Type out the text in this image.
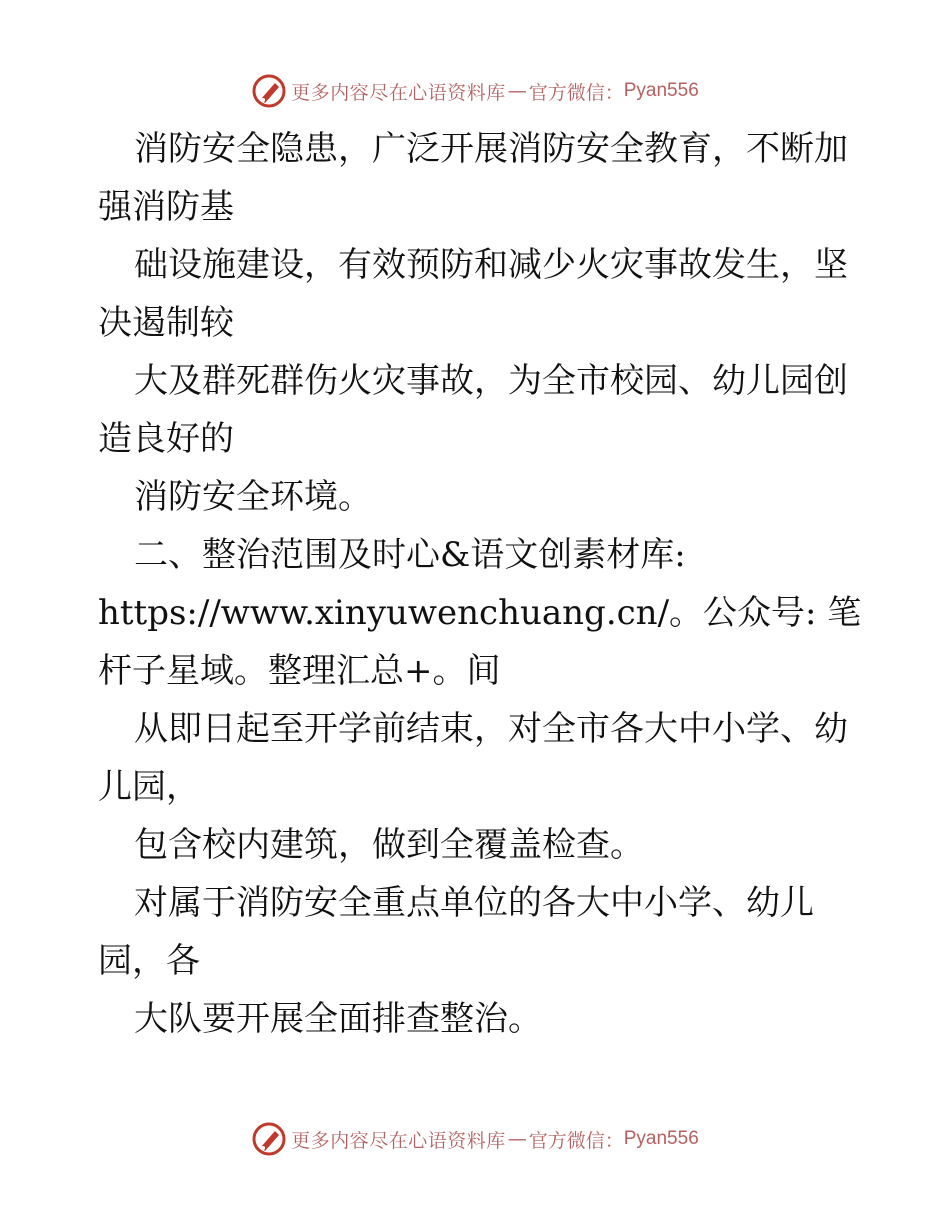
更多内容尽在心语资料库 — 官方微信： Pyan556

消防安全隐患，广泛开展消防安全教育，不断加强消防基

础设施建设，有效预防和减少火灾事故发生，坚决遏制较

大及群死群伤火灾事故，为全市校园、幼儿园创造良好的

消防安全环境。

二、整治范围及时心&语文创素材库: https://www.xinyuwenchuang.cn/。公众号: 笔杆子星域。整理汇总+。间

从即日起至开学前结束，对全市各大中小学、幼儿园，

包含校内建筑，做到全覆盖检查。

对属于消防安全重点单位的各大中小学、幼儿园，各

大队要开展全面排查整治。

更多内容尽在心语资料库 — 官方微信： Pyan556
